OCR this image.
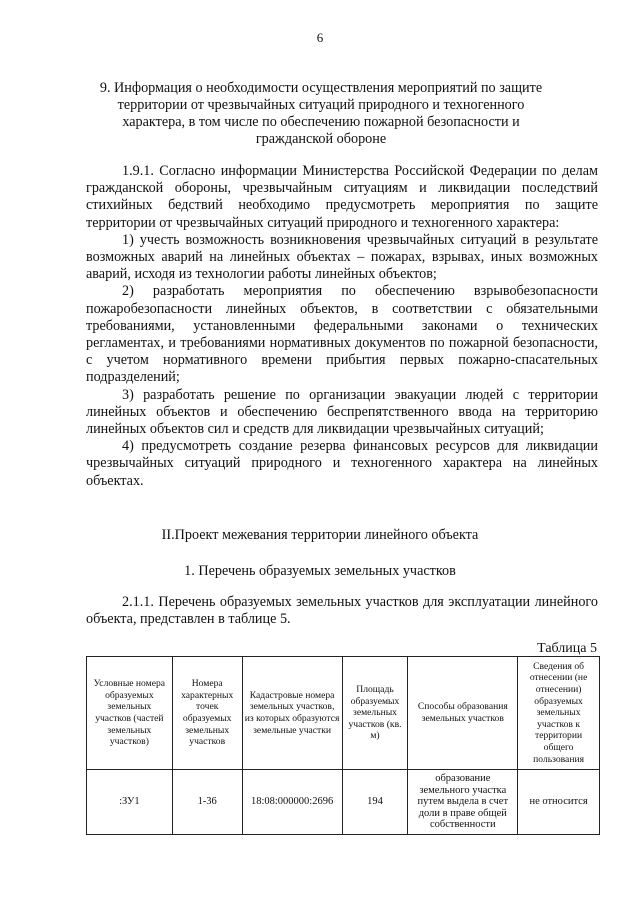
6
9. Информация о необходимости осуществления мероприятий по защите территории от чрезвычайных ситуаций природного и техногенного характера, в том числе по обеспечению пожарной безопасности и гражданской обороне

1.9.1. Согласно информации Министерства Российской Федерации по делам гражданской обороны, чрезвычайным ситуациям и ликвидации последствий стихийных бедствий необходимо предусмотреть мероприятия по защите территории от чрезвычайных ситуаций природного и техногенного характера:

1) учесть возможность возникновения чрезвычайных ситуаций в результате возможных аварий на линейных объектах – пожарах, взрывах, иных возможных аварий, исходя из технологии работы линейных объектов;

2) разработать мероприятия по обеспечению взрывобезопасности пожаробезопасности линейных объектов, в соответствии с обязательными требованиями, установленными федеральными законами о технических регламентах, и требованиями нормативных документов по пожарной безопасности, с учетом нормативного времени прибытия первых пожарно-спасательных подразделений;

3) разработать решение по организации эвакуации людей с территории линейных объектов и обеспечению беспрепятственного ввода на территорию линейных объектов сил и средств для ликвидации чрезвычайных ситуаций;

4) предусмотреть создание резерва финансовых ресурсов для ликвидации чрезвычайных ситуаций природного и техногенного характера на линейных объектах.

II.Проект межевания территории линейного объекта
1. Перечень образуемых земельных участков

2.1.1. Перечень образуемых земельных участков для эксплуатации линейного объекта, представлен в таблице 5.

Таблица 5
Условные номера образуемых земельных участков (частей земельных участков)	Номера характерных точек образуемых земельных участков	Кадастровые номера земельных участков, из которых образуются земельные участки	Площадь образуемых земельных участков (кв. м)	Способы образования земельных участков	Сведения об отнесении (не отнесении) образуемых земельных участков к территории общего пользования
:ЗУ1	1-36	18:08:000000:2696	194	образование земельного участка путем выдела в счет доли в праве общей собственности	не относится
